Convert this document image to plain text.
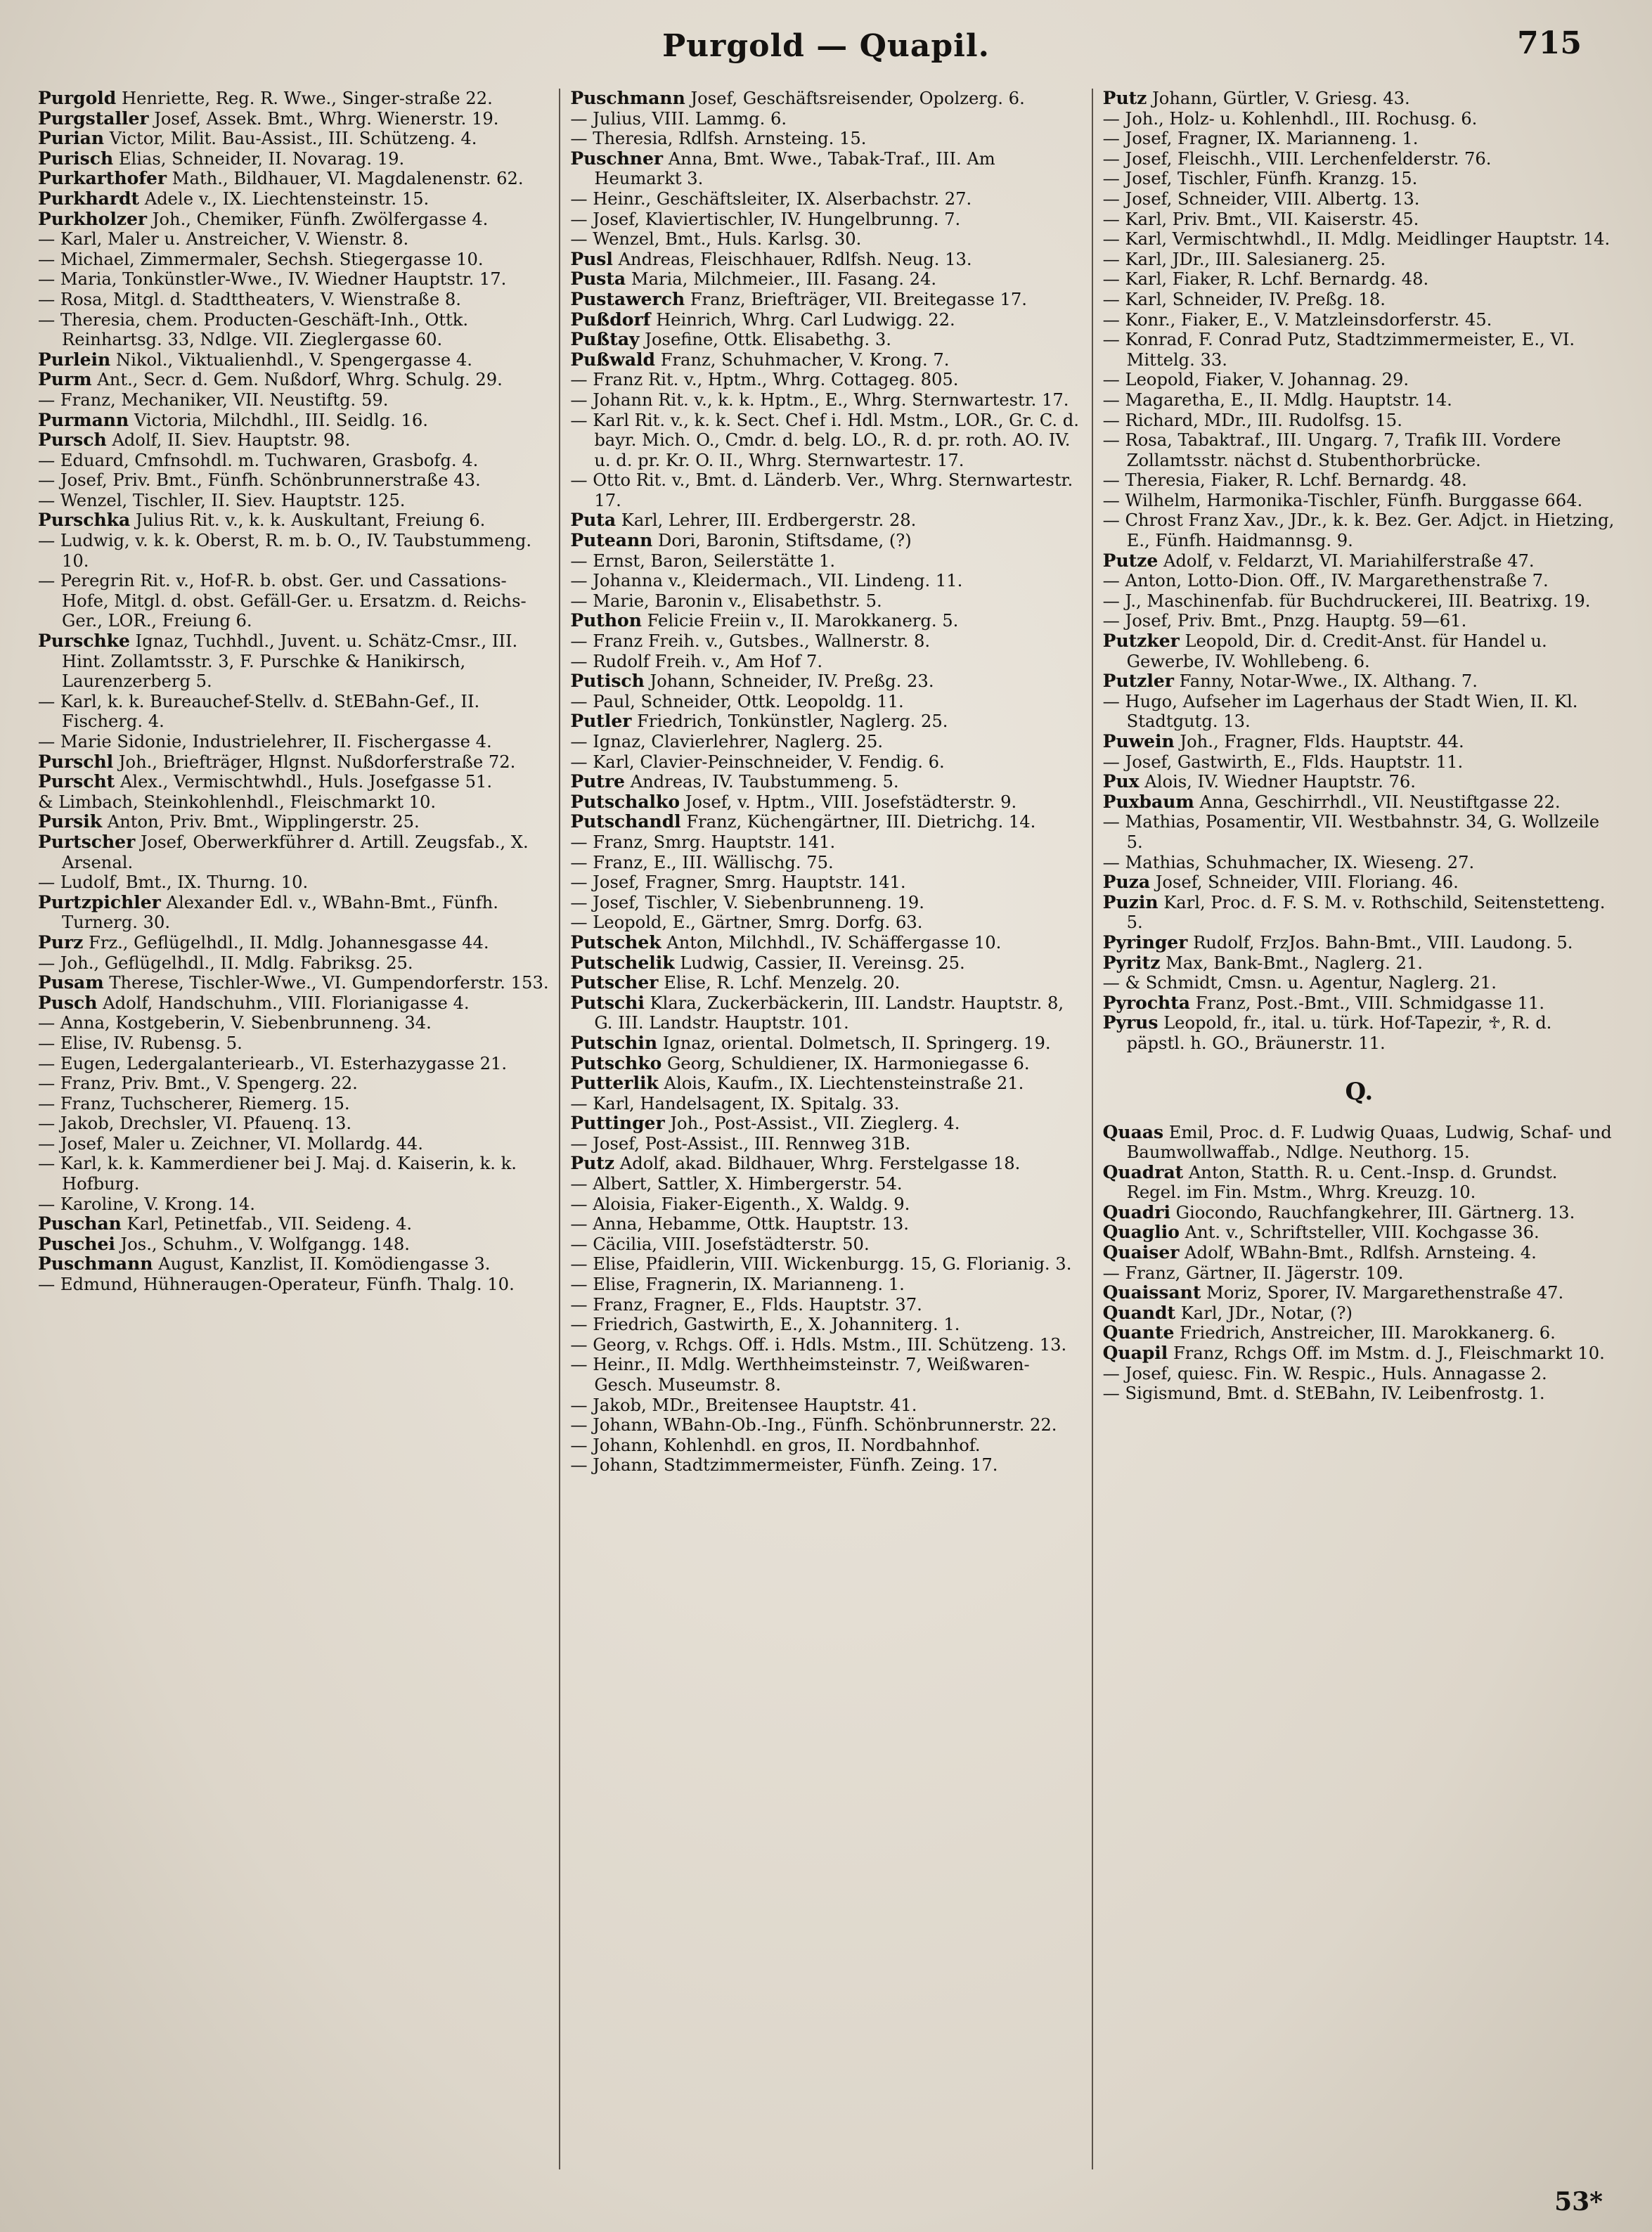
Purgold — Quapil.	715

Purgold Henriette, Reg. R. Wwe., Singer-straße 22.

Purgstaller Josef, Assek. Bmt., Whrg. Wienerstr. 19.

Purian Victor, Milit. Bau-Assist., III. Schützeng. 4.

Purisch Elias, Schneider, II. Novarag. 19.

Purkarthofer Math., Bildhauer, VI. Magdalenenstr. 62.

Purkhardt Adele v., IX. Liechtensteinstr. 15.

Purkholzer Joh., Chemiker, Fünfh. Zwölfergasse 4.

— Karl, Maler u. Anstreicher, V. Wienstr. 8.

— Michael, Zimmermaler, Sechsh. Stiegergasse 10.

— Maria, Tonkünstler-Wwe., IV. Wiedner Hauptstr. 17.

— Rosa, Mitgl. d. Stadttheaters, V. Wienstraße 8.

— Theresia, chem. Producten-Geschäft-Inh., Ottk. Reinhartsg. 33, Ndlge. VII. Zieglergasse 60.

Purlein Nikol., Viktualienhdl., V. Spengergasse 4.

Purm Ant., Secr. d. Gem. Nußdorf, Whrg. Schulg. 29.

— Franz, Mechaniker, VII. Neustiftg. 59.

Purmann Victoria, Milchdhl., III. Seidlg. 16.

Pursch Adolf, II. Siev. Hauptstr. 98.

— Eduard, Cmfnsohdl. m. Tuchwaren, Grasbofg. 4.

— Josef, Priv. Bmt., Fünfh. Schönbrunnerstraße 43.

— Wenzel, Tischler, II. Siev. Hauptstr. 125.

Purschka Julius Rit. v., k. k. Auskultant, Freiung 6.

— Ludwig, v. k. k. Oberst, R. m. b. O., IV. Taubstummeng. 10.

— Peregrin Rit. v., Hof-R. b. obst. Ger. und Cassations-Hofe, Mitgl. d. obst. Gefäll-Ger. u. Ersatzm. d. Reichs-Ger., LOR., Freiung 6.

Purschke Ignaz, Tuchhdl., Juvent. u. Schätz-Cmsr., III. Hint. Zollamtsstr. 3, F. Purschke & Hanikirsch, Laurenzerberg 5.

— Karl, k. k. Bureauchef-Stellv. d. StEBahn-Gef., II. Fischerg. 4.

— Marie Sidonie, Industrielehrer, II. Fischergasse 4.

Purschl Joh., Briefträger, Hlgnst. Nußdorferstraße 72.

Purscht Alex., Vermischtwhdl., Huls. Josefgasse 51.

& Limbach, Steinkohlenhdl., Fleischmarkt 10.

Pursik Anton, Priv. Bmt., Wipplingerstr. 25.

Purtscher Josef, Oberwerkführer d. Artill. Zeugsfab., X. Arsenal.

— Ludolf, Bmt., IX. Thurng. 10.

Purtzpichler Alexander Edl. v., WBahn-Bmt., Fünfh. Turnerg. 30.

Purz Frz., Geflügelhdl., II. Mdlg. Johannesgasse 44.

— Joh., Geflügelhdl., II. Mdlg. Fabriksg. 25.

Pusam Therese, Tischler-Wwe., VI. Gumpendorferstr. 153.

Pusch Adolf, Handschuhm., VIII. Florianigasse 4.

— Anna, Kostgeberin, V. Siebenbrunneng. 34.

— Elise, IV. Rubensg. 5.

— Eugen, Ledergalanteriearb., VI. Esterhazygasse 21.

— Franz, Priv. Bmt., V. Spengerg. 22.

— Franz, Tuchscherer, Riemerg. 15.

— Jakob, Drechsler, VI. Pfauenq. 13.

— Josef, Maler u. Zeichner, VI. Mollardg. 44.

— Karl, k. k. Kammerdiener bei J. Maj. d. Kaiserin, k. k. Hofburg.

— Karoline, V. Krong. 14.

Puschan Karl, Petinetfab., VII. Seideng. 4.

Puschei Jos., Schuhm., V. Wolfgangg. 148.

Puschmann August, Kanzlist, II. Komödiengasse 3.

— Edmund, Hühneraugen-Operateur, Fünfh. Thalg. 10.

Puschmann Josef, Geschäftsreisender, Opolzerg. 6.

— Julius, VIII. Lammg. 6.

— Theresia, Rdlfsh. Arnsteing. 15.

Puschner Anna, Bmt. Wwe., Tabak-Traf., III. Am Heumarkt 3.

— Heinr., Geschäftsleiter, IX. Alserbachstr. 27.

— Josef, Klaviertischler, IV. Hungelbrunng. 7.

— Wenzel, Bmt., Huls. Karlsg. 30.

Pusl Andreas, Fleischhauer, Rdlfsh. Neug. 13.

Pusta Maria, Milchmeier., III. Fasang. 24.

Pustawerch Franz, Briefträger, VII. Breitegasse 17.

Pußdorf Heinrich, Whrg. Carl Ludwigg. 22.

Pußtay Josefine, Ottk. Elisabethg. 3.

Pußwald Franz, Schuhmacher, V. Krong. 7.

— Franz Rit. v., Hptm., Whrg. Cottageg. 805.

— Johann Rit. v., k. k. Hptm., E., Whrg. Sternwartestr. 17.

— Karl Rit. v., k. k. Sect. Chef i. Hdl. Mstm., LOR., Gr. C. d. bayr. Mich. O., Cmdr. d. belg. LO., R. d. pr. roth. AO. IV. u. d. pr. Kr. O. II., Whrg. Sternwartestr. 17.

— Otto Rit. v., Bmt. d. Länderb. Ver., Whrg. Sternwartestr. 17.

Puta Karl, Lehrer, III. Erdbergerstr. 28.

Puteann Dori, Baronin, Stiftsdame, (?)

— Ernst, Baron, Seilerstätte 1.

— Johanna v., Kleidermach., VII. Lindeng. 11.

— Marie, Baronin v., Elisabethstr. 5.

Puthon Felicie Freiin v., II. Marokkanerg. 5.

— Franz Freih. v., Gutsbes., Wallnerstr. 8.

— Rudolf Freih. v., Am Hof 7.

Putisch Johann, Schneider, IV. Preßg. 23.

— Paul, Schneider, Ottk. Leopoldg. 11.

Putler Friedrich, Tonkünstler, Naglerg. 25.

— Ignaz, Clavierlehrer, Naglerg. 25.

— Karl, Clavier-Peinschneider, V. Fendig. 6.

Putre Andreas, IV. Taubstummeng. 5.

Putschalko Josef, v. Hptm., VIII. Josefstädterstr. 9.

Putschandl Franz, Küchengärtner, III. Dietrichg. 14.

— Franz, Smrg. Hauptstr. 141.

— Franz, E., III. Wällischg. 75.

— Josef, Fragner, Smrg. Hauptstr. 141.

— Josef, Tischler, V. Siebenbrunneng. 19.

— Leopold, E., Gärtner, Smrg. Dorfg. 63.

Putschek Anton, Milchhdl., IV. Schäffergasse 10.

Putschelik Ludwig, Cassier, II. Vereinsg. 25.

Putscher Elise, R. Lchf. Menzelg. 20.

Putschi Klara, Zuckerbäckerin, III. Landstr. Hauptstr. 8, G. III. Landstr. Hauptstr. 101.

Putschin Ignaz, oriental. Dolmetsch, II. Springerg. 19.

Putschko Georg, Schuldiener, IX. Harmoniegasse 6.

Putterlik Alois, Kaufm., IX. Liechtensteinstraße 21.

— Karl, Handelsagent, IX. Spitalg. 33.

Puttinger Joh., Post-Assist., VII. Zieglerg. 4.

— Josef, Post-Assist., III. Rennweg 31B.

Putz Adolf, akad. Bildhauer, Whrg. Ferstelgasse 18.

— Albert, Sattler, X. Himbergerstr. 54.

— Aloisia, Fiaker-Eigenth., X. Waldg. 9.

— Anna, Hebamme, Ottk. Hauptstr. 13.

— Cäcilia, VIII. Josefstädterstr. 50.

— Elise, Pfaidlerin, VIII. Wickenburgg. 15, G. Florianig. 3.

— Elise, Fragnerin, IX. Marianneng. 1.

— Franz, Fragner, E., Flds. Hauptstr. 37.

— Friedrich, Gastwirth, E., X. Johanniterg. 1.

— Georg, v. Rchgs. Off. i. Hdls. Mstm., III. Schützeng. 13.

— Heinr., II. Mdlg. Werthheimsteinstr. 7, Weißwaren-Gesch. Museumstr. 8.

— Jakob, MDr., Breitensee Hauptstr. 41.

— Johann, WBahn-Ob.-Ing., Fünfh. Schönbrunnerstr. 22.

— Johann, Kohlenhdl. en gros, II. Nordbahnhof.

— Johann, Stadtzimmermeister, Fünfh. Zeing. 17.

Putz Johann, Gürtler, V. Griesg. 43.

— Joh., Holz- u. Kohlenhdl., III. Rochusg. 6.

— Josef, Fragner, IX. Marianneng. 1.

— Josef, Fleischh., VIII. Lerchenfelderstr. 76.

— Josef, Tischler, Fünfh. Kranzg. 15.

— Josef, Schneider, VIII. Albertg. 13.

— Karl, Priv. Bmt., VII. Kaiserstr. 45.

— Karl, Vermischtwhdl., II. Mdlg. Meidlinger Hauptstr. 14.

— Karl, JDr., III. Salesianerg. 25.

— Karl, Fiaker, R. Lchf. Bernardg. 48.

— Karl, Schneider, IV. Preßg. 18.

— Konr., Fiaker, E., V. Matzleinsdorferstr. 45.

— Konrad, F. Conrad Putz, Stadtzimmermeister, E., VI. Mittelg. 33.

— Leopold, Fiaker, V. Johannag. 29.

— Magaretha, E., II. Mdlg. Hauptstr. 14.

— Richard, MDr., III. Rudolfsg. 15.

— Rosa, Tabaktraf., III. Ungarg. 7, Trafik III. Vordere Zollamtsstr. nächst d. Stubenthorbrücke.

— Theresia, Fiaker, R. Lchf. Bernardg. 48.

— Wilhelm, Harmonika-Tischler, Fünfh. Burggasse 664.

— Chrost Franz Xav., JDr., k. k. Bez. Ger. Adjct. in Hietzing, E., Fünfh. Haidmannsg. 9.

Putze Adolf, v. Feldarzt, VI. Mariahilferstraße 47.

— Anton, Lotto-Dion. Off., IV. Margarethenstraße 7.

— J., Maschinenfab. für Buchdruckerei, III. Beatrixg. 19.

— Josef, Priv. Bmt., Pnzg. Hauptg. 59—61.

Putzker Leopold, Dir. d. Credit-Anst. für Handel u. Gewerbe, IV. Wohllebeng. 6.

Putzler Fanny, Notar-Wwe., IX. Althang. 7.

— Hugo, Aufseher im Lagerhaus der Stadt Wien, II. Kl. Stadtgutg. 13.

Puwein Joh., Fragner, Flds. Hauptstr. 44.

— Josef, Gastwirth, E., Flds. Hauptstr. 11.

Pux Alois, IV. Wiedner Hauptstr. 76.

Puxbaum Anna, Geschirrhdl., VII. Neustiftgasse 22.

— Mathias, Posamentir, VII. Westbahnstr. 34, G. Wollzeile 5.

— Mathias, Schuhmacher, IX. Wieseng. 27.

Puza Josef, Schneider, VIII. Floriang. 46.

Puzin Karl, Proc. d. F. S. M. v. Rothschild, Seitenstetteng. 5.

Pyringer Rudolf, FrzJos. Bahn-Bmt., VIII. Laudong. 5.

Pyritz Max, Bank-Bmt., Naglerg. 21.

— & Schmidt, Cmsn. u. Agentur, Naglerg. 21.

Pyrochta Franz, Post.-Bmt., VIII. Schmidgasse 11.

Pyrus Leopold, fr., ital. u. türk. Hof-Tapezir, ♱, R. d. päpstl. h. GO., Bräunerstr. 11.

Q.

Quaas Emil, Proc. d. F. Ludwig Quaas, Ludwig, Schaf- und Baumwollwaffab., Ndlge. Neuthorg. 15.

Quadrat Anton, Statth. R. u. Cent.-Insp. d. Grundst. Regel. im Fin. Mstm., Whrg. Kreuzg. 10.

Quadri Giocondo, Rauchfangkehrer, III. Gärtnerg. 13.

Quaglio Ant. v., Schriftsteller, VIII. Kochgasse 36.

Quaiser Adolf, WBahn-Bmt., Rdlfsh. Arnsteing. 4.

— Franz, Gärtner, II. Jägerstr. 109.

Quaissant Moriz, Sporer, IV. Margarethenstraße 47.

Quandt Karl, JDr., Notar, (?)

Quante Friedrich, Anstreicher, III. Marokkanerg. 6.

Quapil Franz, Rchgs Off. im Mstm. d. J., Fleischmarkt 10.

— Josef, quiesc. Fin. W. Respic., Huls. Annagasse 2.

— Sigismund, Bmt. d. StEBahn, IV. Leibenfrostg. 1.

53*
